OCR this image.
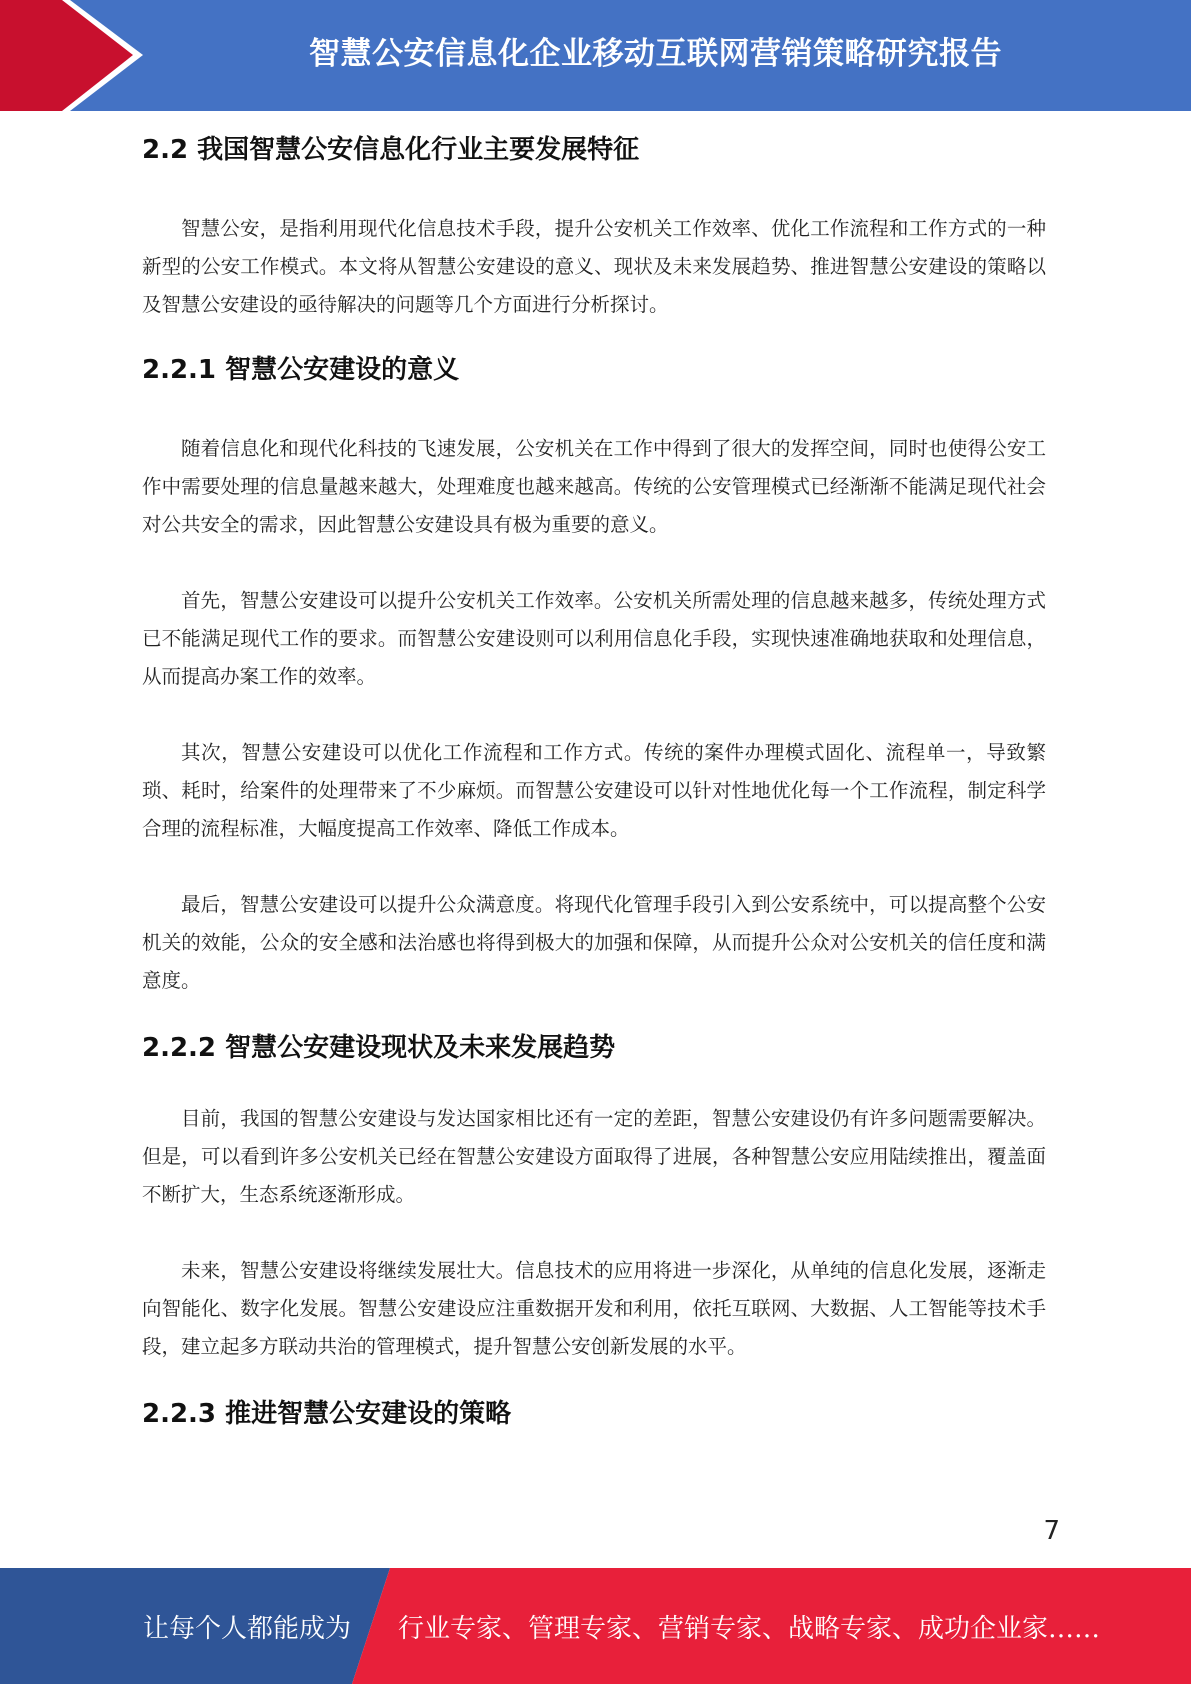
智慧公安信息化企业移动互联网营销策略研究报告
2.2 我国智慧公安信息化行业主要发展特征

智慧公安，是指利用现代化信息技术手段，提升公安机关工作效率、优化工作流程和工作方式的一种新型的公安工作模式。本文将从智慧公安建设的意义、现状及未来发展趋势、推进智慧公安建设的策略以及智慧公安建设的亟待解决的问题等几个方面进行分析探讨。

2.2.1 智慧公安建设的意义

随着信息化和现代化科技的飞速发展，公安机关在工作中得到了很大的发挥空间，同时也使得公安工作中需要处理的信息量越来越大，处理难度也越来越高。传统的公安管理模式已经渐渐不能满足现代社会对公共安全的需求，因此智慧公安建设具有极为重要的意义。

首先，智慧公安建设可以提升公安机关工作效率。公安机关所需处理的信息越来越多，传统处理方式已不能满足现代工作的要求。而智慧公安建设则可以利用信息化手段，实现快速准确地获取和处理信息，从而提高办案工作的效率。

其次，智慧公安建设可以优化工作流程和工作方式。传统的案件办理模式固化、流程单一，导致繁琐、耗时，给案件的处理带来了不少麻烦。而智慧公安建设可以针对性地优化每一个工作流程，制定科学合理的流程标准，大幅度提高工作效率、降低工作成本。

最后，智慧公安建设可以提升公众满意度。将现代化管理手段引入到公安系统中，可以提高整个公安机关的效能，公众的安全感和法治感也将得到极大的加强和保障，从而提升公众对公安机关的信任度和满意度。

2.2.2 智慧公安建设现状及未来发展趋势

目前，我国的智慧公安建设与发达国家相比还有一定的差距，智慧公安建设仍有许多问题需要解决。但是，可以看到许多公安机关已经在智慧公安建设方面取得了进展，各种智慧公安应用陆续推出，覆盖面不断扩大，生态系统逐渐形成。

未来，智慧公安建设将继续发展壮大。信息技术的应用将进一步深化，从单纯的信息化发展，逐渐走向智能化、数字化发展。智慧公安建设应注重数据开发和利用，依托互联网、大数据、人工智能等技术手段，建立起多方联动共治的管理模式，提升智慧公安创新发展的水平。

2.2.3 推进智慧公安建设的策略
7
让每个人都能成为 行业专家、管理专家、营销专家、战略专家、成功企业家……
